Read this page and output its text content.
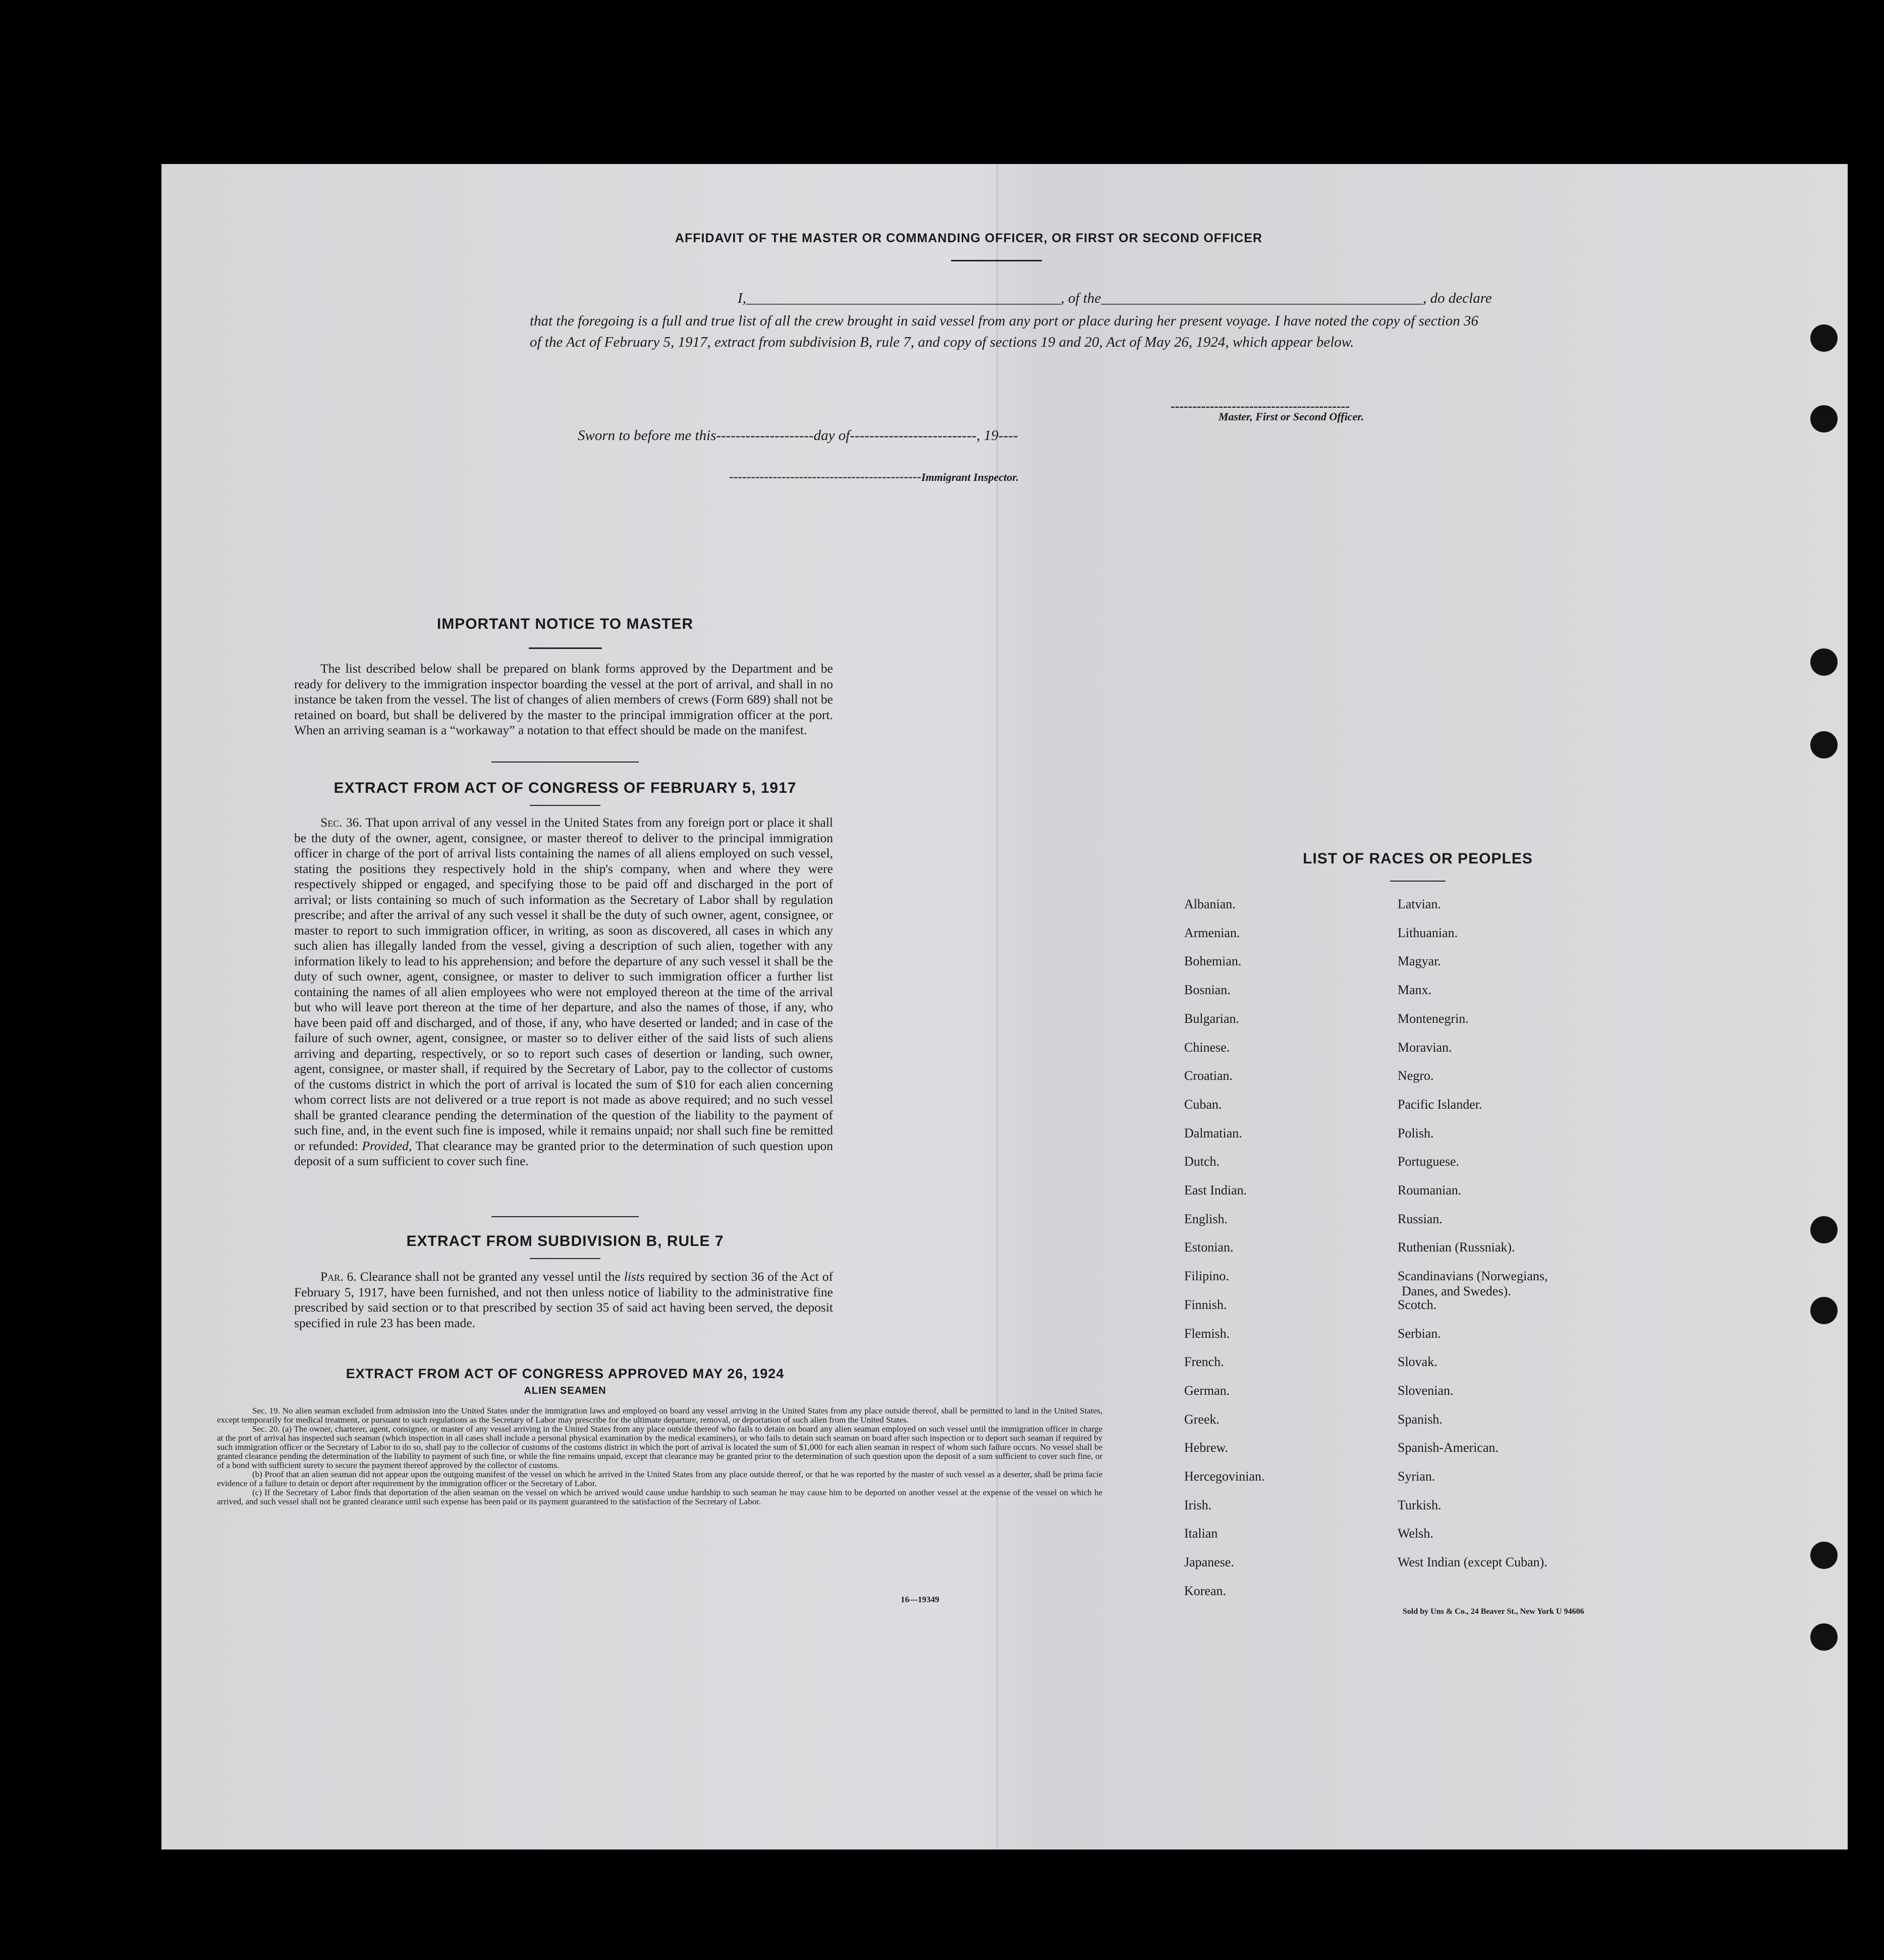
AFFIDAVIT OF THE MASTER OR COMMANDING OFFICER, OR FIRST OR SECOND OFFICER
I,___________________________________________, of the____________________________________________, do declare
that the foregoing is a full and true list of all the crew brought in said vessel from any port or place during her present voyage. I have noted the copy of section 36 of the Act of February 5, 1917, extract from subdivision B, rule 7, and copy of sections 19 and 20, Act of May 26, 1924, which appear below.
-----------------------------------------
Master, First or Second Officer.
Sworn to before me this--------------------day of--------------------------, 19----
--------------------------------------------Immigrant Inspector.
IMPORTANT NOTICE TO MASTER
The list described below shall be prepared on blank forms approved by the Department and be ready for delivery to the immigration inspector boarding the vessel at the port of arrival, and shall in no instance be taken from the vessel. The list of changes of alien members of crews (Form 689) shall not be retained on board, but shall be delivered by the master to the principal immigration officer at the port. When an arriving seaman is a “workaway” a notation to that effect should be made on the manifest.
EXTRACT FROM ACT OF CONGRESS OF FEBRUARY 5, 1917
Sec. 36. That upon arrival of any vessel in the United States from any foreign port or place it shall be the duty of the owner, agent, consignee, or master thereof to deliver to the principal immigration officer in charge of the port of arrival lists containing the names of all aliens employed on such vessel, stating the positions they respectively hold in the ship's company, when and where they were respectively shipped or engaged, and specifying those to be paid off and discharged in the port of arrival; or lists containing so much of such information as the Secretary of Labor shall by regulation prescribe; and after the arrival of any such vessel it shall be the duty of such owner, agent, consignee, or master to report to such immigration officer, in writing, as soon as discovered, all cases in which any such alien has illegally landed from the vessel, giving a description of such alien, together with any information likely to lead to his apprehension; and before the departure of any such vessel it shall be the duty of such owner, agent, consignee, or master to deliver to such immigration officer a further list containing the names of all alien employees who were not employed thereon at the time of the arrival but who will leave port thereon at the time of her departure, and also the names of those, if any, who have been paid off and discharged, and of those, if any, who have deserted or landed; and in case of the failure of such owner, agent, consignee, or master so to deliver either of the said lists of such aliens arriving and departing, respectively, or so to report such cases of desertion or landing, such owner, agent, consignee, or master shall, if required by the Secretary of Labor, pay to the collector of customs of the customs district in which the port of arrival is located the sum of $10 for each alien concerning whom correct lists are not delivered or a true report is not made as above required; and no such vessel shall be granted clearance pending the determination of the question of the liability to the payment of such fine, and, in the event such fine is imposed, while it remains unpaid; nor shall such fine be remitted or refunded: Provided, That clearance may be granted prior to the determination of such question upon deposit of a sum sufficient to cover such fine.
EXTRACT FROM SUBDIVISION B, RULE 7
Par. 6. Clearance shall not be granted any vessel until the lists required by section 36 of the Act of February 5, 1917, have been furnished, and not then unless notice of liability to the administrative fine prescribed by said section or to that prescribed by section 35 of said act having been served, the deposit specified in rule 23 has been made.
EXTRACT FROM ACT OF CONGRESS APPROVED MAY 26, 1924
ALIEN SEAMEN
Sec. 19. No alien seaman excluded from admission into the United States under the immigration laws and employed on board any vessel arriving in the United States from any place outside thereof, shall be permitted to land in the United States, except temporarily for medical treatment, or pursuant to such regulations as the Secretary of Labor may prescribe for the ultimate departure, removal, or deportation of such alien from the United States.
Sec. 20. (a) The owner, charterer, agent, consignee, or master of any vessel arriving in the United States from any place outside thereof who fails to detain on board any alien seaman employed on such vessel until the immigration officer in charge at the port of arrival has inspected such seaman (which inspection in all cases shall include a personal physical examination by the medical examiners), or who fails to detain such seaman on board after such inspection or to deport such seaman if required by such immigration officer or the Secretary of Labor to do so, shall pay to the collector of customs of the customs district in which the port of arrival is located the sum of $1,000 for each alien seaman in respect of whom such failure occurs. No vessel shall be granted clearance pending the determination of the liability to payment of such fine, or while the fine remains unpaid, except that clearance may be granted prior to the determination of such question upon the deposit of a sum sufficient to cover such fine, or of a bond with sufficient surety to secure the payment thereof approved by the collector of customs.
(b) Proof that an alien seaman did not appear upon the outgoing manifest of the vessel on which he arrived in the United States from any place outside thereof, or that he was reported by the master of such vessel as a deserter, shall be prima facie evidence of a failure to detain or deport after requirement by the immigration officer or the Secretary of Labor.
(c) If the Secretary of Labor finds that deportation of the alien seaman on the vessel on which he arrived would cause undue hardship to such seaman he may cause him to be deported on another vessel at the expense of the vessel on which he arrived, and such vessel shall not be granted clearance until such expense has been paid or its payment guaranteed to the satisfaction of the Secretary of Labor.
16—19349
LIST OF RACES OR PEOPLES
Albanian.
Armenian.
Bohemian.
Bosnian.
Bulgarian.
Chinese.
Croatian.
Cuban.
Dalmatian.
Dutch.
East Indian.
English.
Estonian.
Filipino.
Finnish.
Flemish.
French.
German.
Greek.
Hebrew.
Hercegovinian.
Irish.
Italian
Japanese.
Korean.
Latvian.
Lithuanian.
Magyar.
Manx.
Montenegrin.
Moravian.
Negro.
Pacific Islander.
Polish.
Portuguese.
Roumanian.
Russian.
Ruthenian (Russniak).
Scandinavians (Norwegians,
Danes, and Swedes).
Scotch.
Serbian.
Slovak.
Slovenian.
Spanish.
Spanish-American.
Syrian.
Turkish.
Welsh.
West Indian (except Cuban).
Sold by Uns & Co., 24 Beaver St., New York U 94606
